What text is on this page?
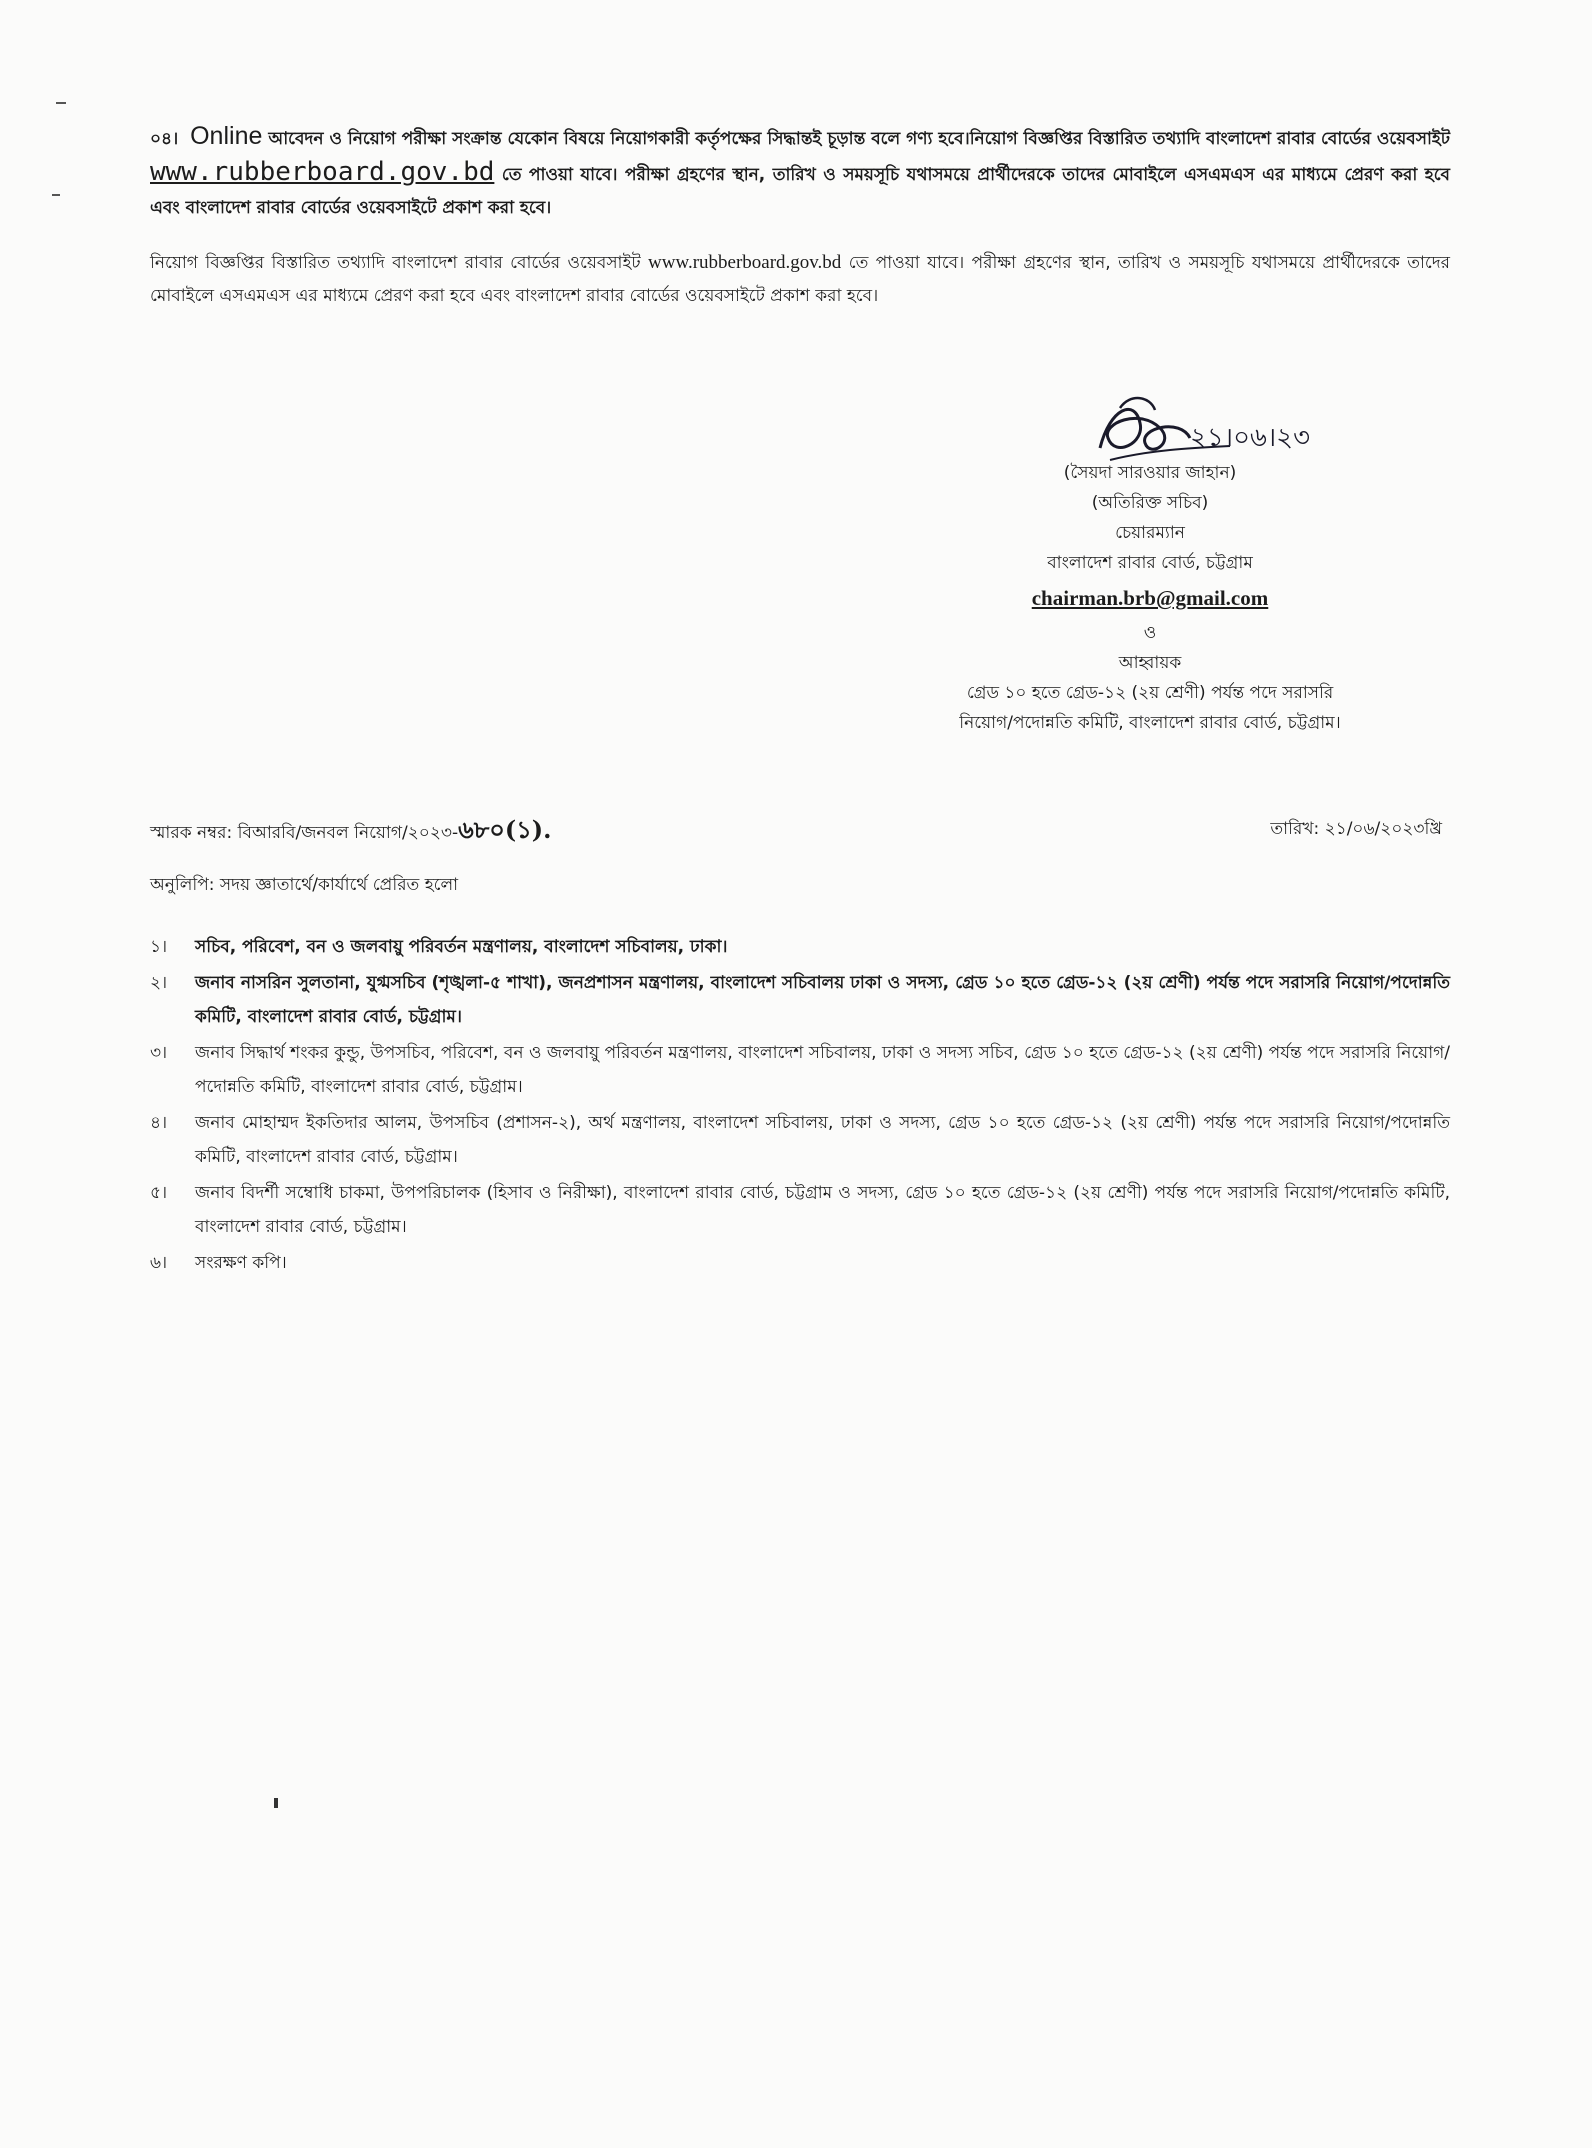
০৪। Online আবেদন ও নিয়োগ পরীক্ষা সংক্রান্ত যেকোন বিষয়ে নিয়োগকারী কর্তৃপক্ষের সিদ্ধান্তই চূড়ান্ত বলে গণ্য হবে।নিয়োগ বিজ্ঞপ্তির বিস্তারিত তথ্যাদি বাংলাদেশ রাবার বোর্ডের ওয়েবসাইট www.rubberboard.gov.bd তে পাওয়া যাবে। পরীক্ষা গ্রহণের স্থান, তারিখ ও সময়সূচি যথাসময়ে প্রার্থীদেরকে তাদের মোবাইলে এসএমএস এর মাধ্যমে প্রেরণ করা হবে এবং বাংলাদেশ রাবার বোর্ডের ওয়েবসাইটে প্রকাশ করা হবে।
নিয়োগ বিজ্ঞপ্তির বিস্তারিত তথ্যাদি বাংলাদেশ রাবার বোর্ডের ওয়েবসাইট www.rubberboard.gov.bd তে পাওয়া যাবে। পরীক্ষা গ্রহণের স্থান, তারিখ ও সময়সূচি যথাসময়ে প্রার্থীদেরকে তাদের মোবাইলে এসএমএস এর মাধ্যমে প্রেরণ করা হবে এবং বাংলাদেশ রাবার বোর্ডের ওয়েবসাইটে প্রকাশ করা হবে।
২১।০৬।২৩
(সৈয়দা সারওয়ার জাহান)
(অতিরিক্ত সচিব)
চেয়ারম্যান
বাংলাদেশ রাবার বোর্ড, চট্টগ্রাম
chairman.brb@gmail.com
ও
আহ্বায়ক
গ্রেড ১০ হতে গ্রেড-১২ (২য় শ্রেণী) পর্যন্ত পদে সরাসরি
নিয়োগ/পদোন্নতি কমিটি, বাংলাদেশ রাবার বোর্ড, চট্টগ্রাম।
স্মারক নম্বর: বিআরবি/জনবল নিয়োগ/২০২৩-৬৮০(১).	তারিখ: ২১/০৬/২০২৩খ্রি
অনুলিপি: সদয় জ্ঞাতার্থে/কার্যার্থে প্রেরিত হলো
১।	সচিব, পরিবেশ, বন ও জলবায়ু পরিবর্তন মন্ত্রণালয়, বাংলাদেশ সচিবালয়, ঢাকা।
২।	জনাব নাসরিন সুলতানা, যুগ্মসচিব (শৃঙ্খলা-৫ শাখা), জনপ্রশাসন মন্ত্রণালয়, বাংলাদেশ সচিবালয় ঢাকা ও সদস্য, গ্রেড ১০ হতে গ্রেড-১২ (২য় শ্রেণী) পর্যন্ত পদে সরাসরি নিয়োগ/পদোন্নতি কমিটি, বাংলাদেশ রাবার বোর্ড, চট্টগ্রাম।
৩।	জনাব সিদ্ধার্থ শংকর কুন্ডু, উপসচিব, পরিবেশ, বন ও জলবায়ু পরিবর্তন মন্ত্রণালয়, বাংলাদেশ সচিবালয়, ঢাকা ও সদস্য সচিব, গ্রেড ১০ হতে গ্রেড-১২ (২য় শ্রেণী) পর্যন্ত পদে সরাসরি নিয়োগ/পদোন্নতি কমিটি, বাংলাদেশ রাবার বোর্ড, চট্টগ্রাম।
৪।	জনাব মোহাম্মদ ইকতিদার আলম, উপসচিব (প্রশাসন-২), অর্থ মন্ত্রণালয়, বাংলাদেশ সচিবালয়, ঢাকা ও সদস্য, গ্রেড ১০ হতে গ্রেড-১২ (২য় শ্রেণী) পর্যন্ত পদে সরাসরি নিয়োগ/পদোন্নতি কমিটি, বাংলাদেশ রাবার বোর্ড, চট্টগ্রাম।
৫।	জনাব বিদর্শী সম্বোধি চাকমা, উপপরিচালক (হিসাব ও নিরীক্ষা), বাংলাদেশ রাবার বোর্ড, চট্টগ্রাম ও সদস্য, গ্রেড ১০ হতে গ্রেড-১২ (২য় শ্রেণী) পর্যন্ত পদে সরাসরি নিয়োগ/পদোন্নতি কমিটি, বাংলাদেশ রাবার বোর্ড, চট্টগ্রাম।
৬।	সংরক্ষণ কপি।
